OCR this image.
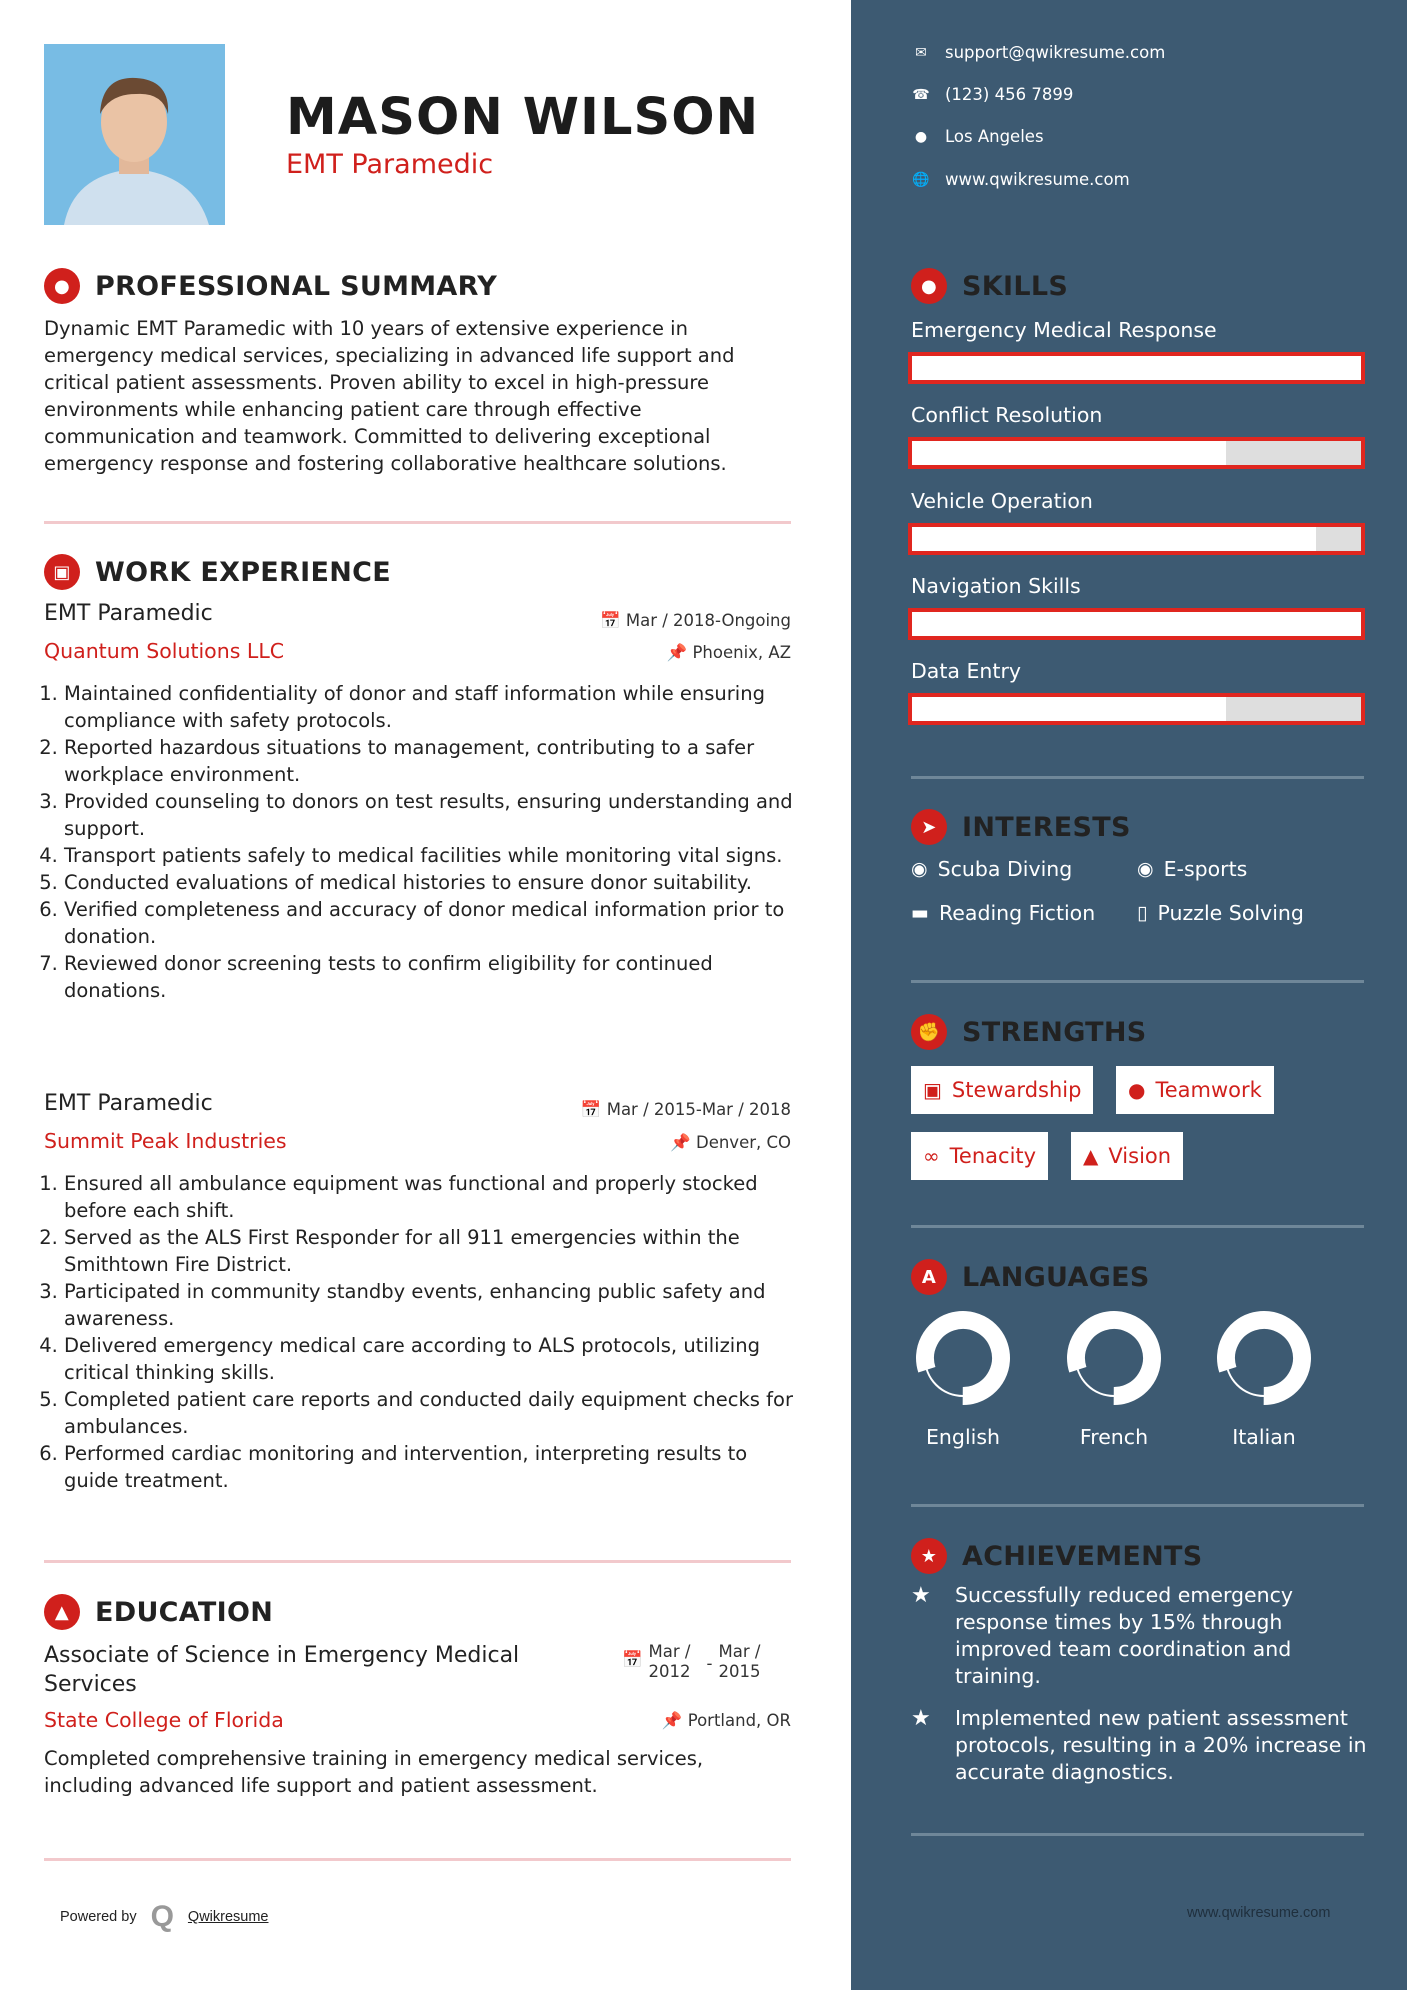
MASON WILSON
EMT Paramedic
● PROFESSIONAL SUMMARY
Dynamic EMT Paramedic with 10 years of extensive experience in emergency medical services, specializing in advanced life support and critical patient assessments. Proven ability to excel in high-pressure environments while enhancing patient care through effective communication and teamwork. Committed to delivering exceptional emergency response and fostering collaborative healthcare solutions.
▣ WORK EXPERIENCE
EMT Paramedic	📅 Mar / 2018-Ongoing
Quantum Solutions LLC	📌 Phoenix, AZ
1. Maintained confidentiality of donor and staff information while ensuring compliance with safety protocols.
2. Reported hazardous situations to management, contributing to a safer workplace environment.
3. Provided counseling to donors on test results, ensuring understanding and support.
4. Transport patients safely to medical facilities while monitoring vital signs.
5. Conducted evaluations of medical histories to ensure donor suitability.
6. Verified completeness and accuracy of donor medical information prior to donation.
7. Reviewed donor screening tests to confirm eligibility for continued donations.
EMT Paramedic	📅 Mar / 2015-Mar / 2018
Summit Peak Industries	📌 Denver, CO
1. Ensured all ambulance equipment was functional and properly stocked before each shift.
2. Served as the ALS First Responder for all 911 emergencies within the Smithtown Fire District.
3. Participated in community standby events, enhancing public safety and awareness.
4. Delivered emergency medical care according to ALS protocols, utilizing critical thinking skills.
5. Completed patient care reports and conducted daily equipment checks for ambulances.
6. Performed cardiac monitoring and intervention, interpreting results to guide treatment.
▲ EDUCATION
Associate of Science in Emergency Medical Services
📅 Mar / 2012 -
Mar / 2015
State College of Florida	📌 Portland, OR
Completed comprehensive training in emergency medical services, including advanced life support and patient assessment.
Powered by Q Qwikresume
✉ support@qwikresume.com
☎ (123) 456 7899
● Los Angeles
🌐 www.qwikresume.com
● SKILLS
Emergency Medical Response
Conflict Resolution
Vehicle Operation
Navigation Skills
Data Entry
➤ INTERESTS
◉ Scuba Diving	◉ E-sports
▬ Reading Fiction ▯ Puzzle Solving
✊ STRENGTHS
▣ Stewardship ● Teamwork
∞ Tenacity ▲ Vision
A LANGUAGES
English	French	Italian
★ ACHIEVEMENTS
★	Successfully reduced emergency response times by 15% through improved team coordination and training.
★	Implemented new patient assessment protocols, resulting in a 20% increase in accurate diagnostics.
www.qwikresume.com
